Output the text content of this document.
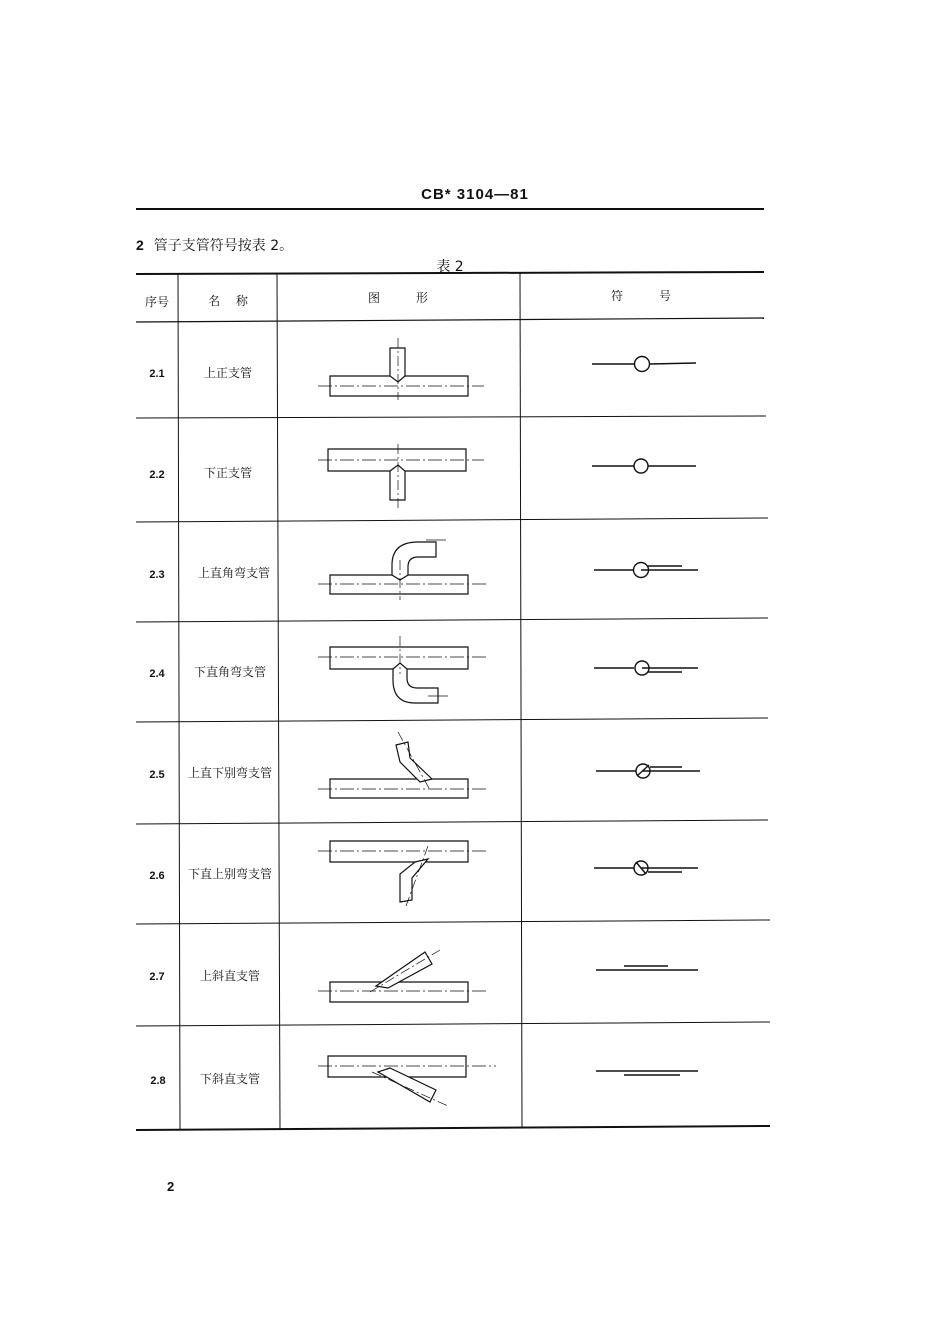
CB* 3104—81
2 管子支管符号按表 2。
表 2
序号	名　 称	图　　　形	符　　　号
2.1	上正支管
2.2	下正支管
2.3	上直角弯支管
2.4 下直角弯支管
2.5 上直下别弯支管
2.6 下直上别弯支管
2.7	上斜直支管
2.8	下斜直支管
2
